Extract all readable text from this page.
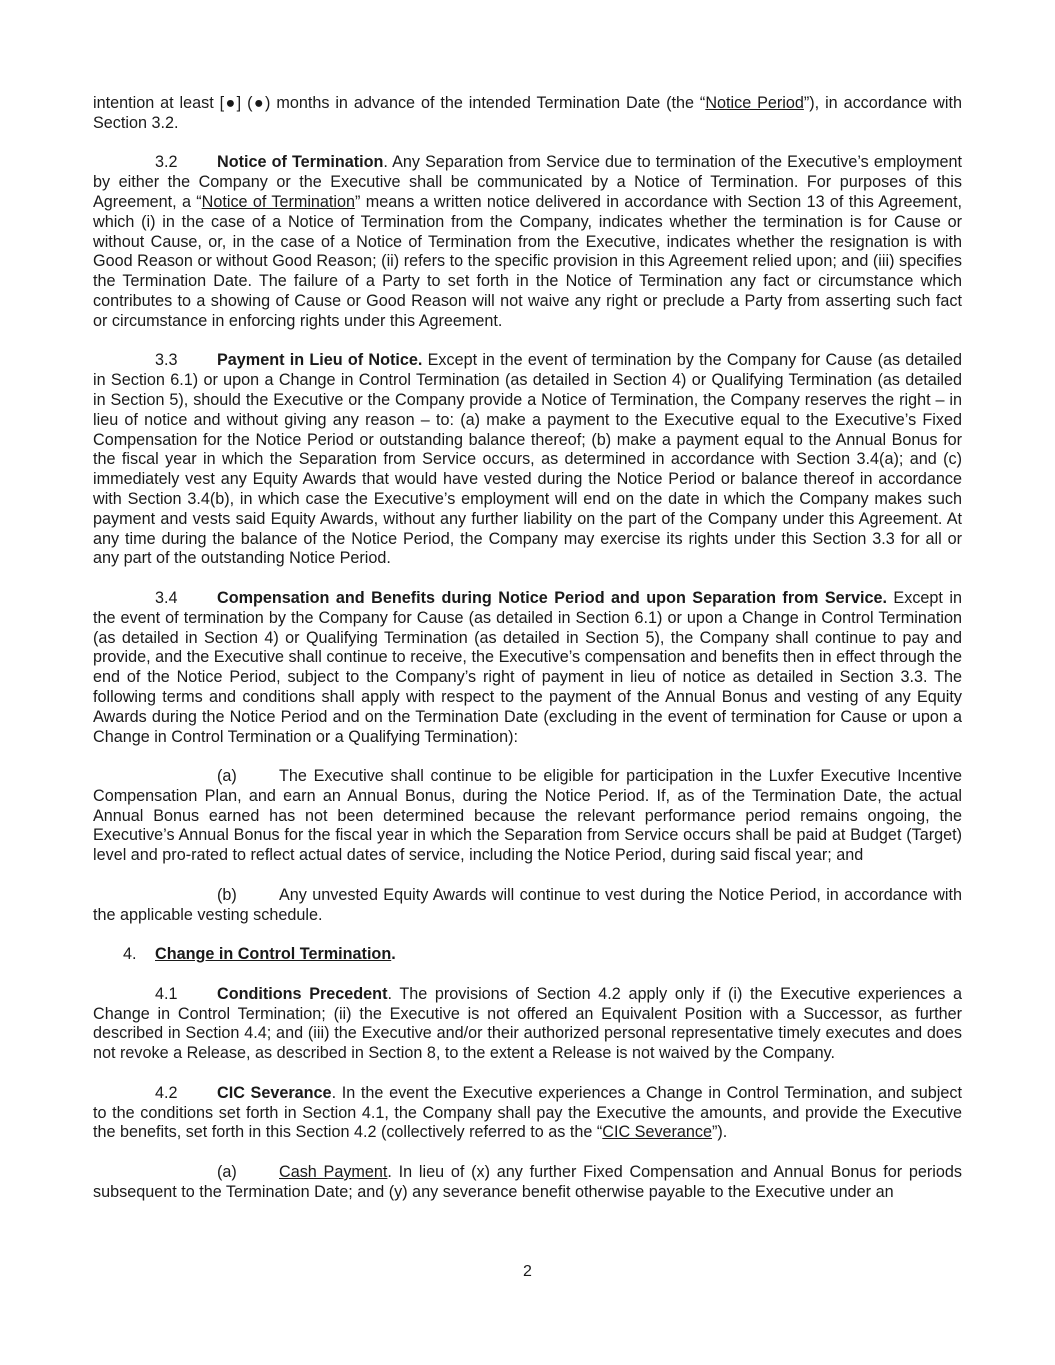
intention at least [●] (●) months in advance of the intended Termination Date (the “Notice Period”), in accordance with Section 3.2.

3.2 Notice of Termination. Any Separation from Service due to termination of the Executive’s employment by either the Company or the Executive shall be communicated by a Notice of Termination. For purposes of this Agreement, a “Notice of Termination” means a written notice delivered in accordance with Section 13 of this Agreement, which (i) in the case of a Notice of Termination from the Company, indicates whether the termination is for Cause or without Cause, or, in the case of a Notice of Termination from the Executive, indicates whether the resignation is with Good Reason or without Good Reason; (ii) refers to the specific provision in this Agreement relied upon; and (iii) specifies the Termination Date. The failure of a Party to set forth in the Notice of Termination any fact or circumstance which contributes to a showing of Cause or Good Reason will not waive any right or preclude a Party from asserting such fact or circumstance in enforcing rights under this Agreement.

3.3 Payment in Lieu of Notice. Except in the event of termination by the Company for Cause (as detailed in Section 6.1) or upon a Change in Control Termination (as detailed in Section 4) or Qualifying Termination (as detailed in Section 5), should the Executive or the Company provide a Notice of Termination, the Company reserves the right – in lieu of notice and without giving any reason – to: (a) make a payment to the Executive equal to the Executive’s Fixed Compensation for the Notice Period or outstanding balance thereof; (b) make a payment equal to the Annual Bonus for the fiscal year in which the Separation from Service occurs, as determined in accordance with Section 3.4(a); and (c) immediately vest any Equity Awards that would have vested during the Notice Period or balance thereof in accordance with Section 3.4(b), in which case the Executive’s employment will end on the date in which the Company makes such payment and vests said Equity Awards, without any further liability on the part of the Company under this Agreement. At any time during the balance of the Notice Period, the Company may exercise its rights under this Section 3.3 for all or any part of the outstanding Notice Period.

3.4 Compensation and Benefits during Notice Period and upon Separation from Service. Except in the event of termination by the Company for Cause (as detailed in Section 6.1) or upon a Change in Control Termination (as detailed in Section 4) or Qualifying Termination (as detailed in Section 5), the Company shall continue to pay and provide, and the Executive shall continue to receive, the Executive’s compensation and benefits then in effect through the end of the Notice Period, subject to the Company’s right of payment in lieu of notice as detailed in Section 3.3. The following terms and conditions shall apply with respect to the payment of the Annual Bonus and vesting of any Equity Awards during the Notice Period and on the Termination Date (excluding in the event of termination for Cause or upon a Change in Control Termination or a Qualifying Termination):

(a)	The Executive shall continue to be eligible for participation in the Luxfer Executive Incentive Compensation Plan, and earn an Annual Bonus, during the Notice Period. If, as of the Termination Date, the actual Annual Bonus earned has not been determined because the relevant performance period remains ongoing, the Executive’s Annual Bonus for the fiscal year in which the Separation from Service occurs shall be paid at Budget (Target) level and pro-rated to reflect actual dates of service, including the Notice Period, during said fiscal year; and

(b)	Any unvested Equity Awards will continue to vest during the Notice Period, in accordance with the applicable vesting schedule.

4. Change in Control Termination.

4.1 Conditions Precedent. The provisions of Section 4.2 apply only if (i) the Executive experiences a Change in Control Termination; (ii) the Executive is not offered an Equivalent Position with a Successor, as further described in Section 4.4; and (iii) the Executive and/or their authorized personal representative timely executes and does not revoke a Release, as described in Section 8, to the extent a Release is not waived by the Company.

4.2 CIC Severance. In the event the Executive experiences a Change in Control Termination, and subject to the conditions set forth in Section 4.1, the Company shall pay the Executive the amounts, and provide the Executive the benefits, set forth in this Section 4.2 (collectively referred to as the “CIC Severance”).

(a)	Cash Payment. In lieu of (x) any further Fixed Compensation and Annual Bonus for periods subsequent to the Termination Date; and (y) any severance benefit otherwise payable to the Executive under an

2
